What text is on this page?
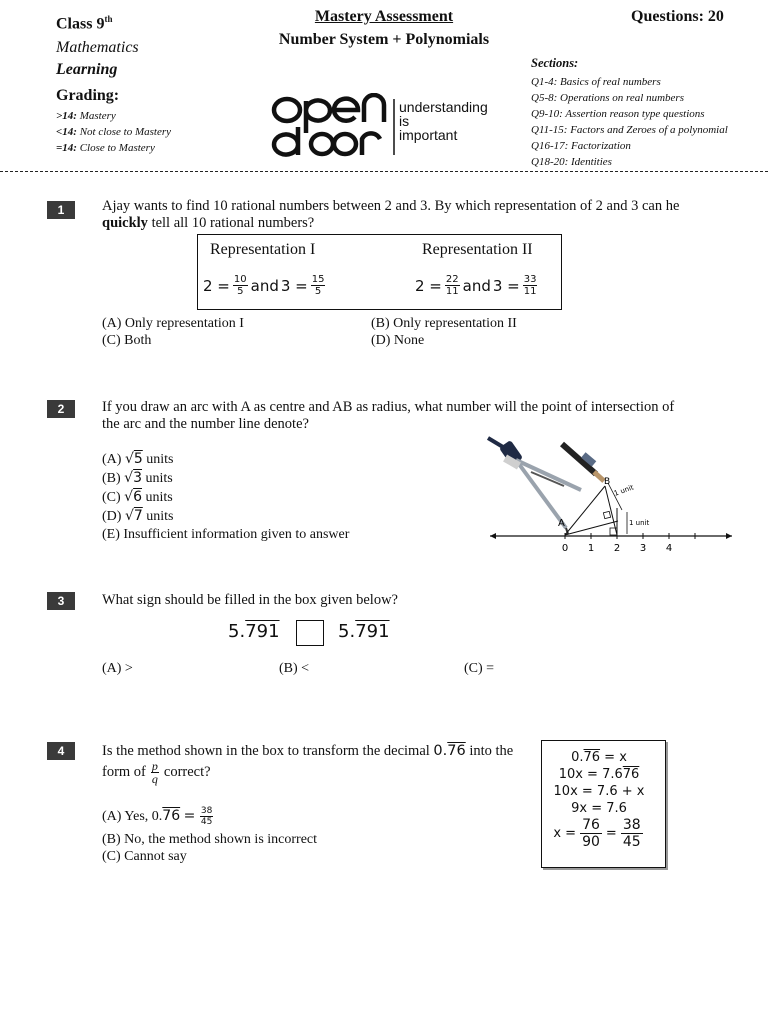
Class 9th
Mathematics
Learning
Grading:
>14: Mastery
<14: Not close to Mastery
=14: Close to Mastery
Mastery Assessment
Number System + Polynomials
understanding
is
important
Questions: 20
Sections:
Q1-4: Basics of real numbers
Q5-8: Operations on real numbers
Q9-10: Assertion reason type questions
Q11-15: Factors and Zeroes of a polynomial
Q16-17: Factorization
Q18-20: Identities
1	Ajay wants to find 10 rational numbers between 2 and 3. By which representation of 2 and 3 can he
quickly tell all 10 rational numbers?
Representation I	Representation II
$2 = \frac{10}{5}$ and $3 = \frac{15}{5}$	$2 = \frac{22}{11}$ and $3 = \frac{33}{11}$
(A) Only representation I	(B) Only representation II
(C) Both	(D) None
2	If you draw an arc with A as centre and AB as radius, what number will the point of intersection of
the arc and the number line denote?
(A) √5 units
(B) √3 units
(C) √6 units
(D) √7 units
(E) Insufficient information given to answer
1 unit
1 unit
A
B
0 1 2 3 4
3	What sign should be filled in the box given below?
5.791	5.791
(A) >	(B) <	(C) =
4	Is the method shown in the box to transform the decimal 0.76 into the
form of $\frac{p}{q}$ correct?
(A) Yes, 0. 76
=
$\frac{38}{45}$
(B) No, the method shown is incorrect
(C) Cannot say
0.76 = x
10x = 7.676
10x = 7.6 + x
9x = 7.6
$x = \frac{76}{90} = \frac{38}{45}$
